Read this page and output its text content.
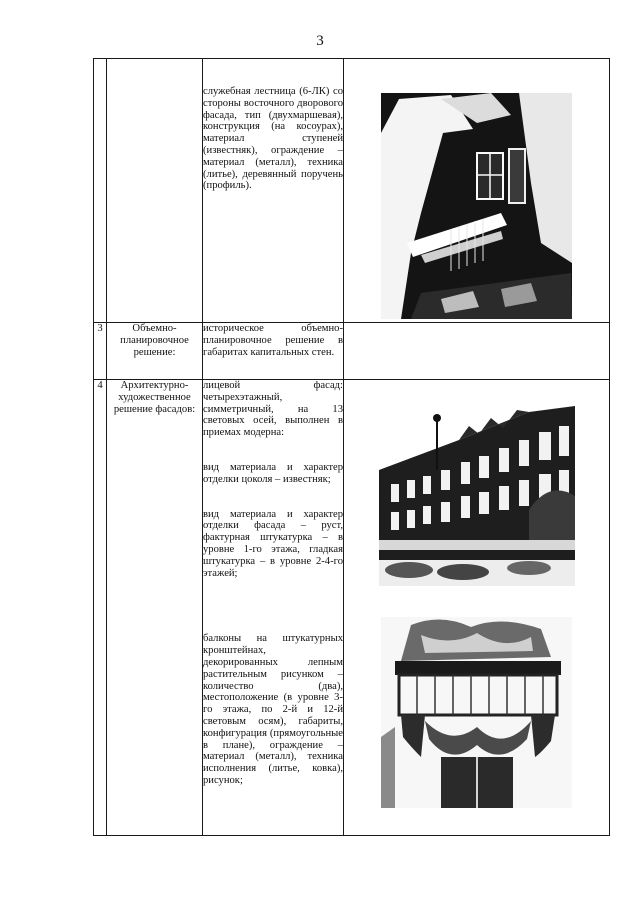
3

		служебная лестница (6-ЛК) со стороны восточного дворового фасада, тип (двухмаршевая), конструкция (на косоурах), материал ступеней (известняк), ограждение – материал (металл), техника (литье), деревянный поручень (профиль).

3	Объемно-планировочное решение:	историческое объемно-планировочное решение в габаритах капитальных стен.	

4	Архитектурно-художественное решение фасадов:	лицевой фасад: четырехэтажный, симметричный, на 13 световых осей, выполнен в приемах модерна:
вид материала и характер отделки цоколя – известняк;
вид материала и характер отделки фасада – руст, фактурная штукатурка – в уровне 1-го этажа, гладкая штукатурка – в уровне 2-4-го этажей;
балконы на штукатурных кронштейнах, декорированных лепным растительным рисунком – количество (два), местоположение (в уровне 3-го этажа, по 2-й и 12-й световым осям), габариты, конфигурация (прямоугольные в плане), ограждение – материал (металл), техника исполнения (литье, ковка), рисунок;
